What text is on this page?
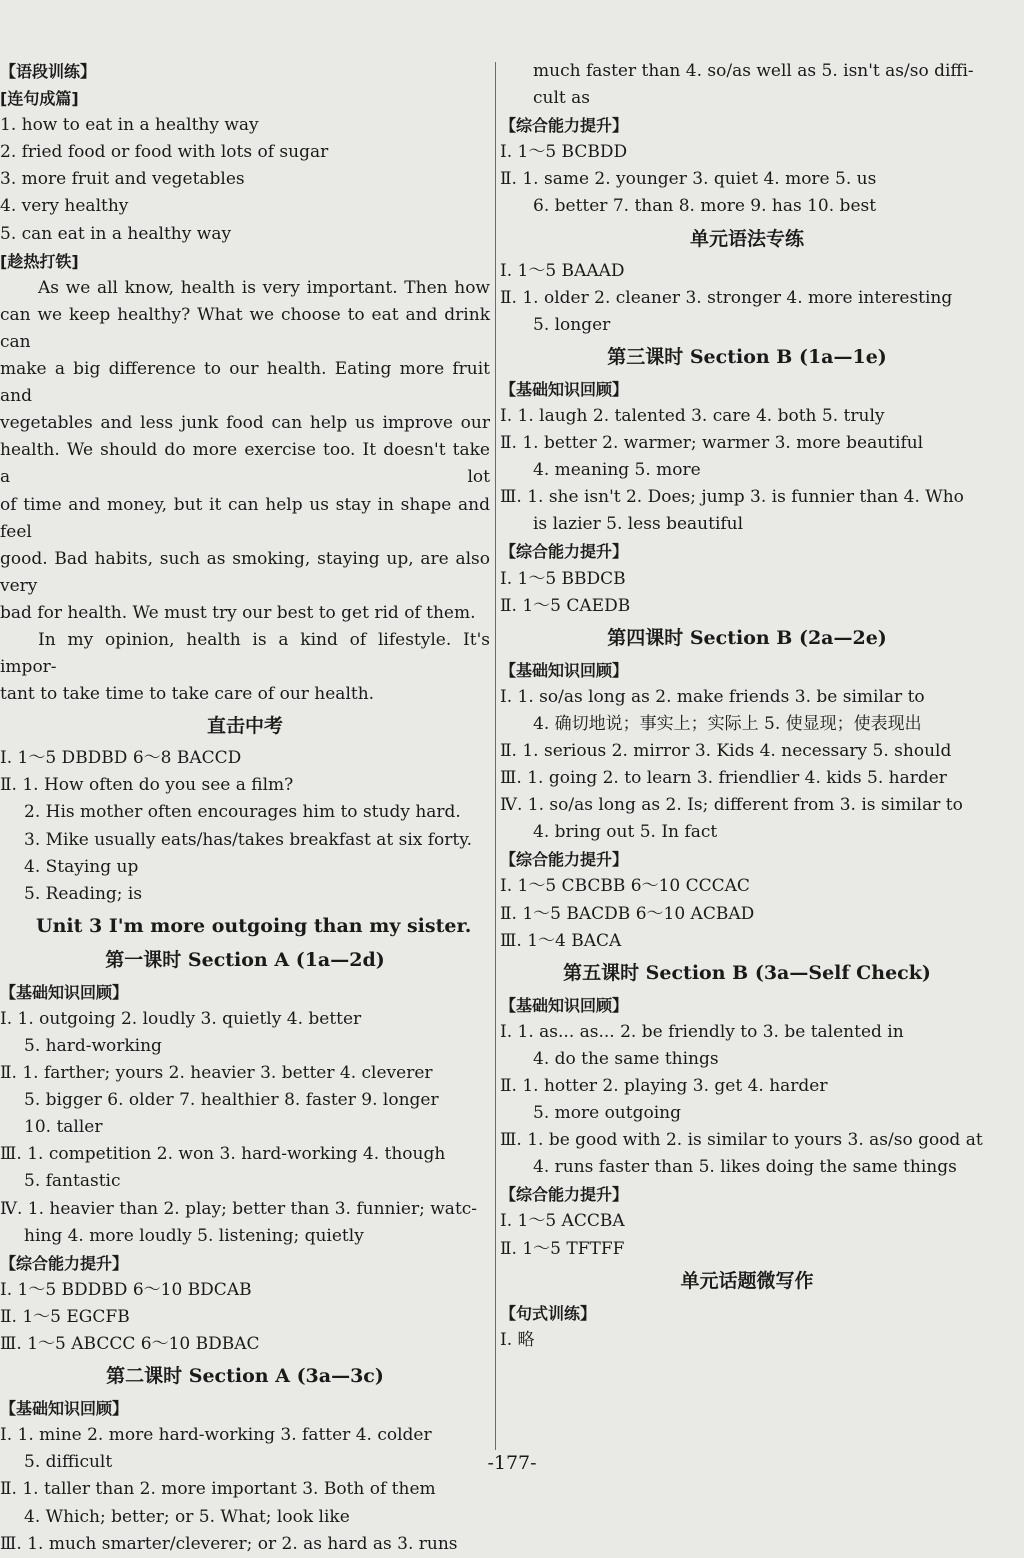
【语段训练】
[连句成篇]
1. how to eat in a healthy way
2. fried food or food with lots of sugar
3. more fruit and vegetables
4. very healthy
5. can eat in a healthy way
[趁热打铁]
As we all know, health is very important. Then how
can we keep healthy? What we choose to eat and drink can
make a big difference to our health. Eating more fruit and
vegetables and less junk food can help us improve our
health. We should do more exercise too. It doesn't take a lot
of time and money, but it can help us stay in shape and feel
good. Bad habits, such as smoking, staying up, are also very
bad for health. We must try our best to get rid of them.
In my opinion, health is a kind of lifestyle. It's impor-
tant to take time to take care of our health.
直击中考
Ⅰ. 1～5 DBDBD 6～8 BACCD
Ⅱ. 1. How often do you see a film?
2. His mother often encourages him to study hard.
3. Mike usually eats/has/takes breakfast at six forty.
4. Staying up
5. Reading; is
Unit 3 I'm more outgoing than my sister.
第一课时 Section A (1a—2d)
【基础知识回顾】
Ⅰ. 1. outgoing 2. loudly 3. quietly 4. better
5. hard-working
Ⅱ. 1. farther; yours 2. heavier 3. better 4. cleverer
5. bigger 6. older 7. healthier 8. faster 9. longer
10. taller
Ⅲ. 1. competition 2. won 3. hard-working 4. though
5. fantastic
Ⅳ. 1. heavier than 2. play; better than 3. funnier; watc-
hing 4. more loudly 5. listening; quietly
【综合能力提升】
Ⅰ. 1～5 BDDBD 6～10 BDCAB
Ⅱ. 1～5 EGCFB
Ⅲ. 1～5 ABCCC 6～10 BDBAC
第二课时 Section A (3a—3c)
【基础知识回顾】
Ⅰ. 1. mine 2. more hard-working 3. fatter 4. colder
5. difficult
Ⅱ. 1. taller than 2. more important 3. Both of them
4. Which; better; or 5. What; look like
Ⅲ. 1. much smarter/cleverer; or 2. as hard as 3. runs
much faster than 4. so/as well as 5. isn't as/so diffi-
cult as
【综合能力提升】
Ⅰ. 1～5 BCBDD
Ⅱ. 1. same 2. younger 3. quiet 4. more 5. us
6. better 7. than 8. more 9. has 10. best
单元语法专练
Ⅰ. 1～5 BAAAD
Ⅱ. 1. older 2. cleaner 3. stronger 4. more interesting
5. longer
第三课时 Section B (1a—1e)
【基础知识回顾】
Ⅰ. 1. laugh 2. talented 3. care 4. both 5. truly
Ⅱ. 1. better 2. warmer; warmer 3. more beautiful
4. meaning 5. more
Ⅲ. 1. she isn't 2. Does; jump 3. is funnier than 4. Who
is lazier 5. less beautiful
【综合能力提升】
Ⅰ. 1～5 BBDCB
Ⅱ. 1～5 CAEDB
第四课时 Section B (2a—2e)
【基础知识回顾】
Ⅰ. 1. so/as long as 2. make friends 3. be similar to
4. 确切地说；事实上；实际上 5. 使显现；使表现出
Ⅱ. 1. serious 2. mirror 3. Kids 4. necessary 5. should
Ⅲ. 1. going 2. to learn 3. friendlier 4. kids 5. harder
Ⅳ. 1. so/as long as 2. Is; different from 3. is similar to
4. bring out 5. In fact
【综合能力提升】
Ⅰ. 1～5 CBCBB 6～10 CCCAC
Ⅱ. 1～5 BACDB 6～10 ACBAD
Ⅲ. 1～4 BACA
第五课时 Section B (3a—Self Check)
【基础知识回顾】
Ⅰ. 1. as... as... 2. be friendly to 3. be talented in
4. do the same things
Ⅱ. 1. hotter 2. playing 3. get 4. harder
5. more outgoing
Ⅲ. 1. be good with 2. is similar to yours 3. as/so good at
4. runs faster than 5. likes doing the same things
【综合能力提升】
Ⅰ. 1～5 ACCBA
Ⅱ. 1～5 TFTFF
单元话题微写作
【句式训练】
Ⅰ. 略
-177-
